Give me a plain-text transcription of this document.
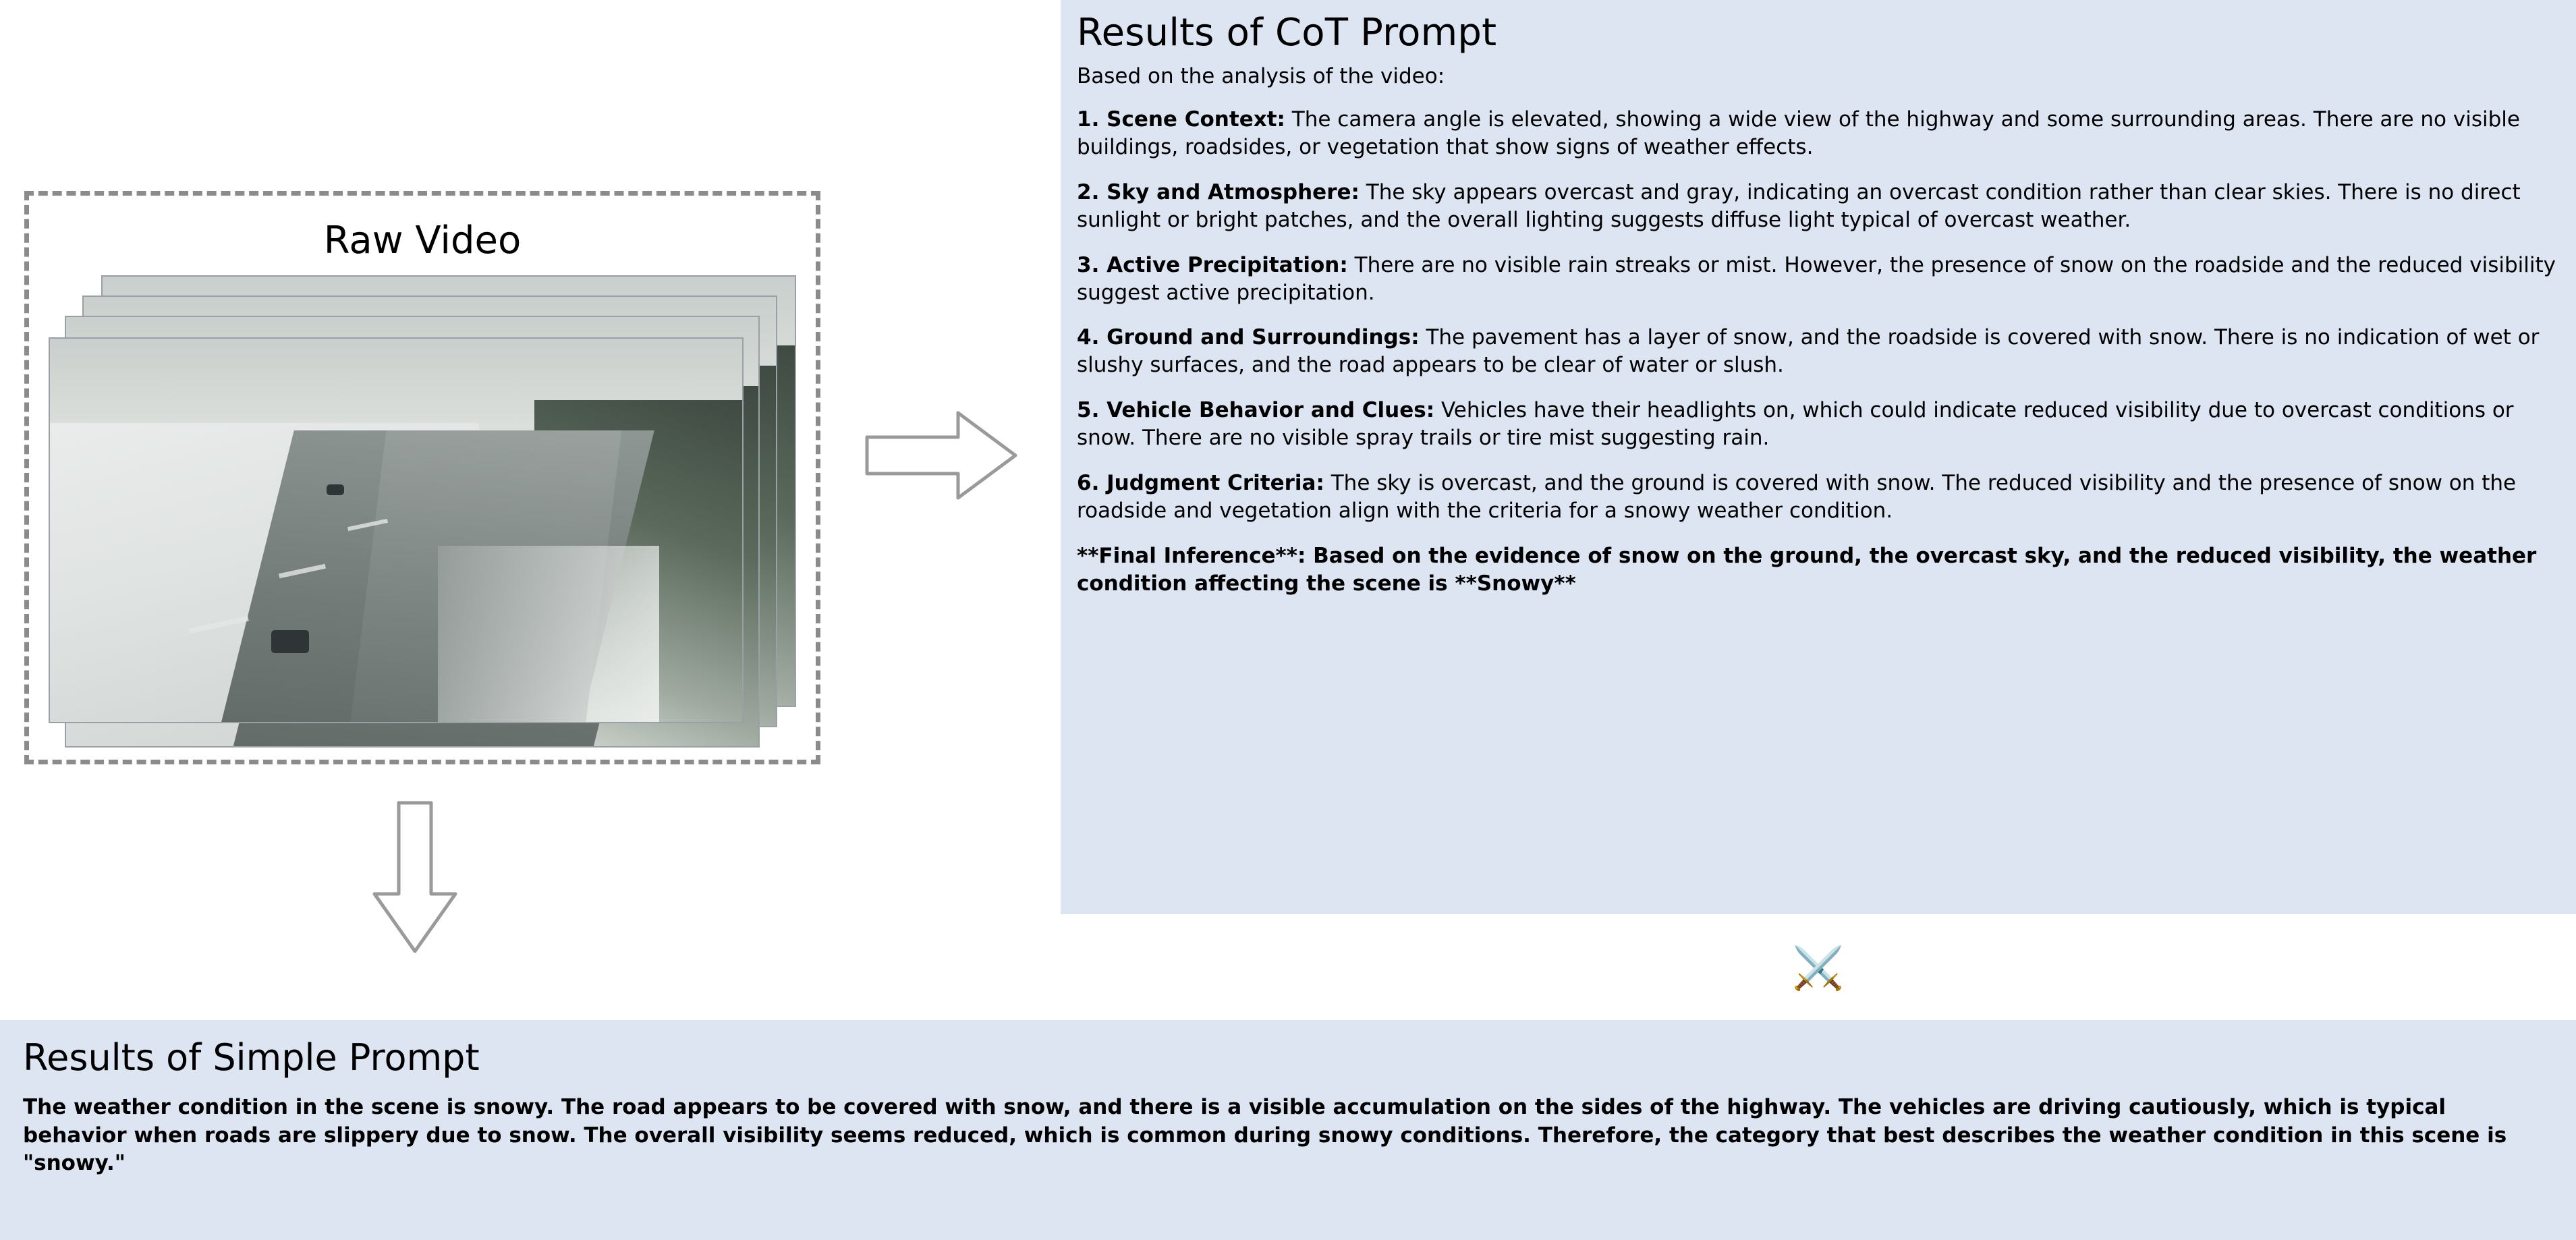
Raw Video
Results of CoT Prompt
Based on the analysis of the video:
1. Scene Context: The camera angle is elevated, showing a wide view of the highway and some surrounding areas. There are no visible buildings, roadsides, or vegetation that show signs of weather effects.
2. Sky and Atmosphere: The sky appears overcast and gray, indicating an overcast condition rather than clear skies. There is no direct sunlight or bright patches, and the overall lighting suggests diffuse light typical of overcast weather.
3. Active Precipitation: There are no visible rain streaks or mist. However, the presence of snow on the roadside and the reduced visibility suggest active precipitation.
4. Ground and Surroundings: The pavement has a layer of snow, and the roadside is covered with snow. There is no indication of wet or slushy surfaces, and the road appears to be clear of water or slush.
5. Vehicle Behavior and Clues: Vehicles have their headlights on, which could indicate reduced visibility due to overcast conditions or snow. There are no visible spray trails or tire mist suggesting rain.
6. Judgment Criteria: The sky is overcast, and the ground is covered with snow. The reduced visibility and the presence of snow on the roadside and vegetation align with the criteria for a snowy weather condition.
**Final Inference**: Based on the evidence of snow on the ground, the overcast sky, and the reduced visibility, the weather condition affecting the scene is **Snowy**
⚔️
Results of Simple Prompt
The weather condition in the scene is snowy. The road appears to be covered with snow, and there is a visible accumulation on the sides of the highway. The vehicles are driving cautiously, which is typical behavior when roads are slippery due to snow. The overall visibility seems reduced, which is common during snowy conditions. Therefore, the category that best describes the weather condition in this scene is "snowy."
